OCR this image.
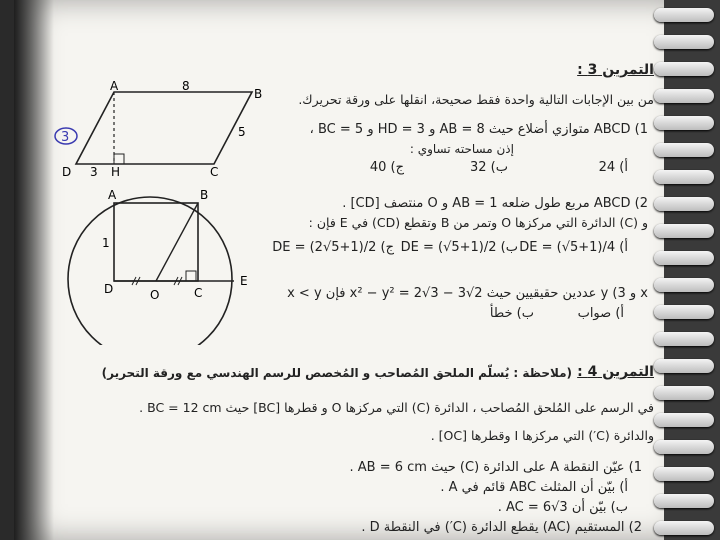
التمرين 3 :
من بين الإجابات التالية واحدة فقط صحيحة، انقلها على ورقة تحريرك.
ABCD (1 متوازي أضلاع حيث AB = 8 و HD = 3 و BC = 5 ،
إذن مساحته تساوي :
أ) 24
ب) 32
ج) 40
ABCD (2 مربع طول ضلعه AB = 1 و O منتصف [CD] .
و (C) الدائرة التي مركزها O وتمر من B وتقطع (CD) في E فإن :
أ) DE = (√5+1)/4
ب) DE = (√5+1)/2
ج) DE = (2√5+1)/2
x و y (3 عددين حقيقيين حيث x² − y² = 2√3 − 3√2 فإن x < y
أ) صواب
ب) خطأ
التمرين 4 :
(ملاحظة : يُسلّم الملحق المُصاحب و المُخصص للرسم الهندسي مع ورقة التحرير)
في الرسم على المُلحق المُصاحب ، الدائرة (C) التي مركزها O و قطرها [BC] حيث BC = 12 cm .
والدائرة (C′) التي مركزها I وقطرها [OC] .
1) عيّن النقطة A على الدائرة (C) حيث AB = 6 cm .
أ) بيّن أن المثلث ABC قائم في A .
ب) بيّن أن AC = 6√3 .
2) المستقيم (AC) يقطع الدائرة (C′) في النقطة D .
A
B
C
D	H
8
5
3
3
A	B
C
D	O
E
1
